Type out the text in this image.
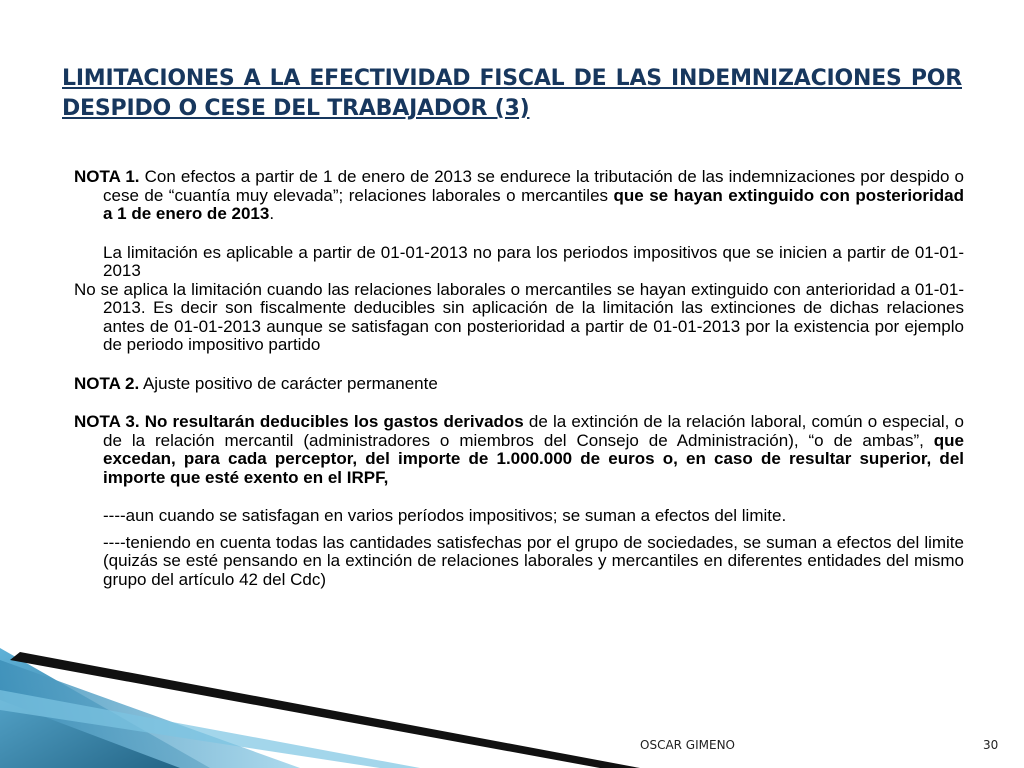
LIMITACIONES A LA EFECTIVIDAD FISCAL DE LAS INDEMNIZACIONES POR DESPIDO O CESE DEL TRABAJADOR (3)

NOTA 1. Con efectos a partir de 1 de enero de 2013 se endurece la tributación de las indemnizaciones por despido o cese de “cuantía muy elevada”; relaciones laborales o mercantiles que se hayan extinguido con posterioridad a 1 de enero de 2013.

La limitación es aplicable a partir de 01-01-2013 no para los periodos impositivos que se inicien a partir de 01-01-2013

No se aplica la limitación cuando las relaciones laborales o mercantiles se hayan extinguido con anterioridad a 01-01-2013. Es decir son fiscalmente deducibles sin aplicación de la limitación las extinciones de dichas relaciones antes de 01-01-2013 aunque se satisfagan con posterioridad a partir de 01-01-2013 por la existencia por ejemplo de periodo impositivo partido

NOTA 2. Ajuste positivo de carácter permanente

NOTA 3. No resultarán deducibles los gastos derivados de la extinción de la relación laboral, común o especial, o de la relación mercantil (administradores o miembros del Consejo de Administración), “o de ambas”, que excedan, para cada perceptor, del importe de 1.000.000 de euros o, en caso de resultar superior, del importe que esté exento en el IRPF,

----aun cuando se satisfagan en varios períodos impositivos; se suman a efectos del limite.

----teniendo en cuenta todas las cantidades satisfechas por el grupo de sociedades, se suman a efectos del limite (quizás se esté pensando en la extinción de relaciones laborales y mercantiles en diferentes entidades del mismo grupo del artículo 42 del Cdc)

OSCAR GIMENO	30
